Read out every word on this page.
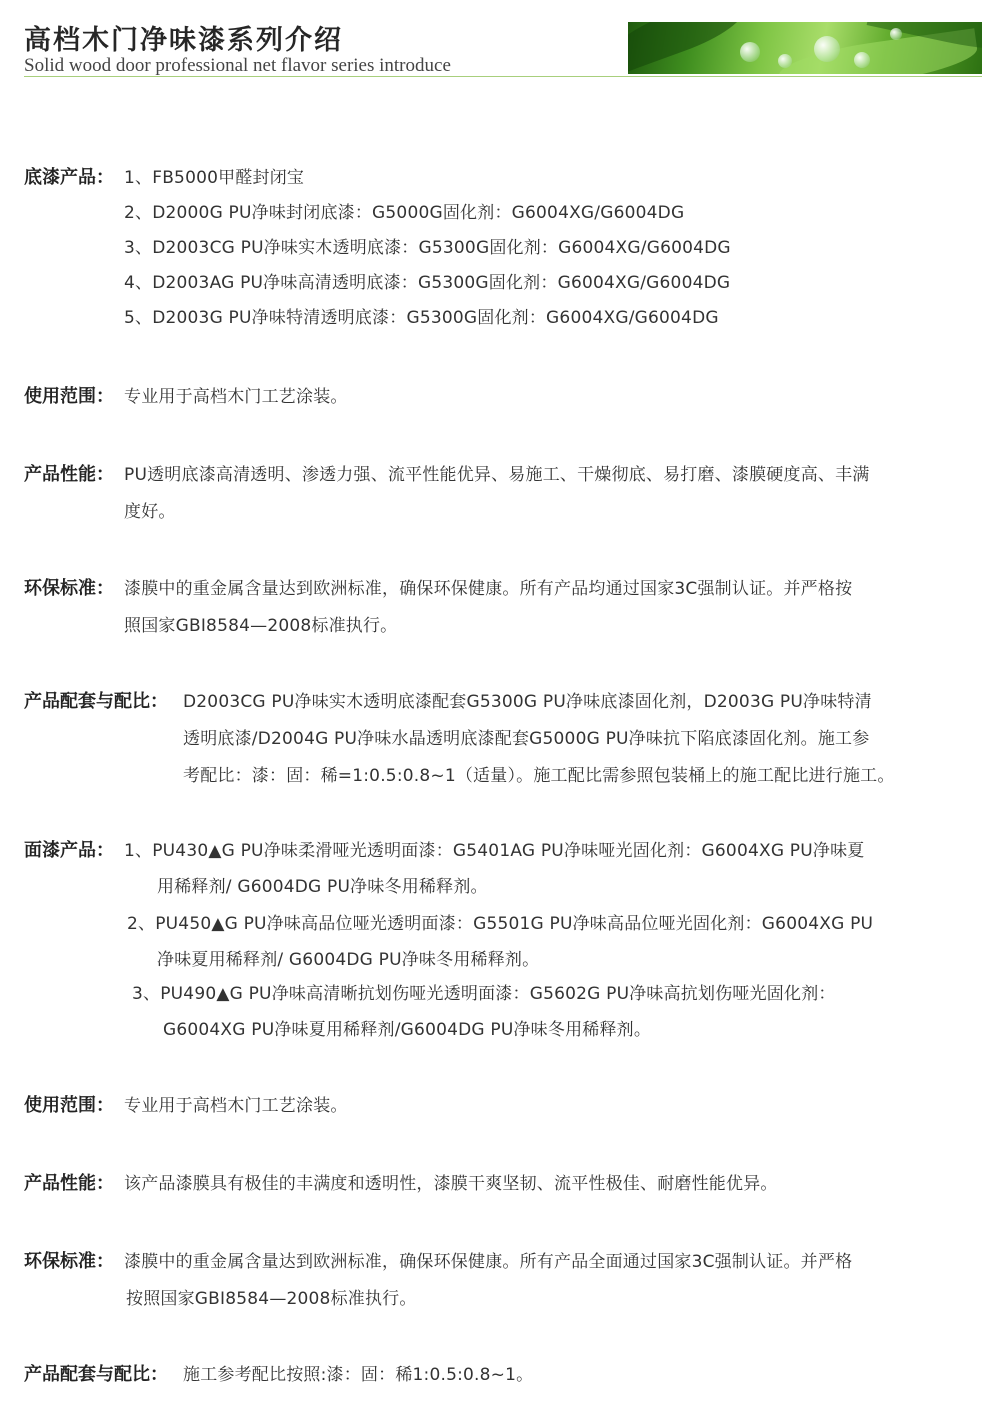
高档木门净味漆系列介绍
Solid wood door professional net flavor series introduce
底漆产品： 1、FB5000甲醛封闭宝
2、D2000G PU净味封闭底漆：G5000G固化剂：G6004XG/G6004DG
3、D2003CG PU净味实木透明底漆：G5300G固化剂：G6004XG/G6004DG
4、D2003AG PU净味高清透明底漆：G5300G固化剂：G6004XG/G6004DG
5、D2003G PU净味特清透明底漆：G5300G固化剂：G6004XG/G6004DG
使用范围： 专业用于高档木门工艺涂装。
产品性能： PU透明底漆高清透明、渗透力强、流平性能优异、易施工、干燥彻底、易打磨、漆膜硬度高、丰满
度好。
环保标准： 漆膜中的重金属含量达到欧洲标准，确保环保健康。所有产品均通过国家3C强制认证。并严格按
照国家GBI8584—2008标准执行。
产品配套与配比： D2003CG PU净味实木透明底漆配套G5300G PU净味底漆固化剂，D2003G PU净味特清
透明底漆/D2004G PU净味水晶透明底漆配套G5000G PU净味抗下陷底漆固化剂。施工参
考配比：漆：固：稀=1:0.5:0.8~1（适量）。施工配比需参照包装桶上的施工配比进行施工。
面漆产品： 1、PU430▲G PU净味柔滑哑光透明面漆：G5401AG PU净味哑光固化剂：G6004XG PU净味夏
用稀释剂/ G6004DG PU净味冬用稀释剂。
2、PU450▲G PU净味高品位哑光透明面漆：G5501G PU净味高品位哑光固化剂：G6004XG PU
净味夏用稀释剂/ G6004DG PU净味冬用稀释剂。
3、PU490▲G PU净味高清晰抗划伤哑光透明面漆：G5602G PU净味高抗划伤哑光固化剂：
G6004XG PU净味夏用稀释剂/G6004DG PU净味冬用稀释剂。
使用范围： 专业用于高档木门工艺涂装。
产品性能： 该产品漆膜具有极佳的丰满度和透明性，漆膜干爽坚韧、流平性极佳、耐磨性能优异。
环保标准： 漆膜中的重金属含量达到欧洲标准，确保环保健康。所有产品全面通过国家3C强制认证。并严格
按照国家GBI8584—2008标准执行。
产品配套与配比： 施工参考配比按照:漆：固：稀1:0.5:0.8~1。
